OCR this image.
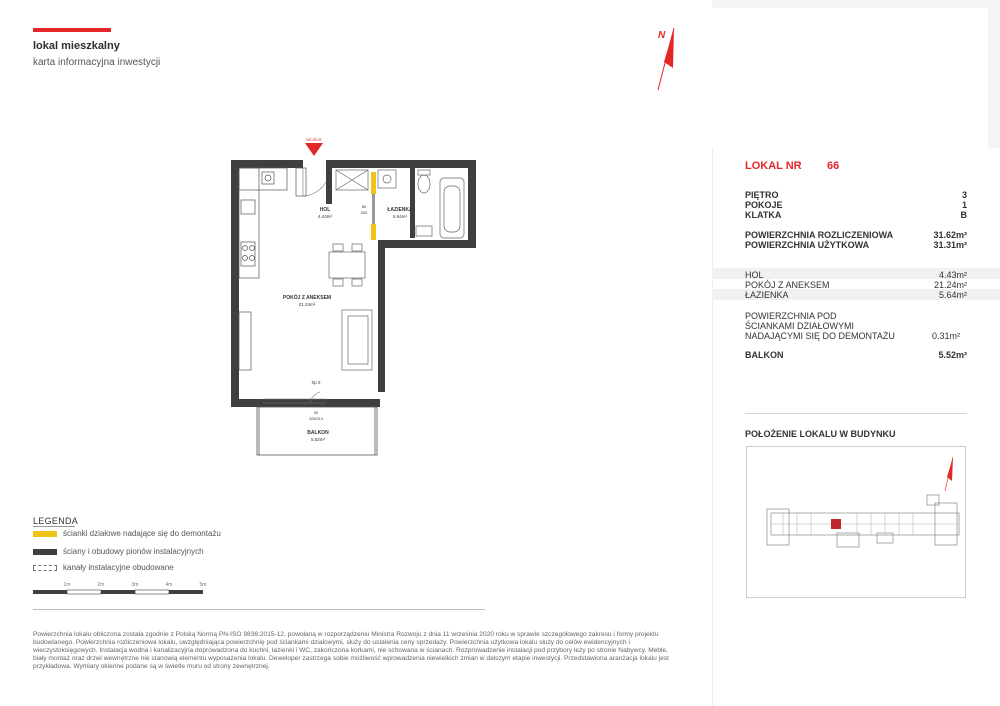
lokal mieszkalny
karta informacyjna inwestycji
N
WEJŚCIE
HOL
4.43m²
ŁAZIENKA
5.64m²
80
200
POKÓJ Z ANEKSEM
21.24m²
hp 0
90
205/210
BALKON
5.52m²
LEGENDA
ścianki działowe nadające się do demontażu
ściany i obudowy pionów instalacyjnych
kanały instalacyjne obudowane
1m	2m	3m	4m	5m
Powierzchnia lokalu obliczona została zgodnie z Polską Normą PN-ISO 9836:2015-12, powołaną w rozporządzeniu Ministra Rozwoju z dnia 11 września 2020 roku w sprawie szczegółowego zakresu i formy projektu budowlanego. Powierzchnia rozliczeniowa lokalu, uwzględniająca powierzchnię pod ściankami działowymi, służy do ustalenia ceny sprzedaży. Powierzchnia użytkowa lokalu służy do celów ewidencyjnych i wieczystoksięgowych. Instalacja wodna i kanalizacyjna doprowadzona do kuchni, łazienki i WC, zakończona korkami, nie schowana w ścianach. Rozprowadzenie instalacji pod przybory leży po stronie Nabywcy. Meble, biały montaż oraz drzwi wewnętrzne nie stanowią elementu wyposażenia lokalu. Deweloper zastrzega sobie możliwość wprowadzenia niewielkich zmian w dalszym etapie inwestycji. Przedstawiona aranżacja lokalu jest przykładowa. Wymiary okienne podane są w świetle muru od strony zewnętrznej.
LOKAL NR 66
PIĘTRO	3
POKOJE	1
KLATKA	B
POWIERZCHNIA ROZLICZENIOWA	31.62m²
POWIERZCHNIA UŻYTKOWA	31.31m²
HOL	4.43m²
POKÓJ Z ANEKSEM	21.24m²
ŁAZIENKA	5.64m²
POWIERZCHNIA POD
ŚCIANKAMI DZIAŁOWYMI
NADAJĄCYMI SIĘ DO DEMONTAŻU	0.31m²
BALKON	5.52m²
POŁOŻENIE LOKALU W BUDYNKU
